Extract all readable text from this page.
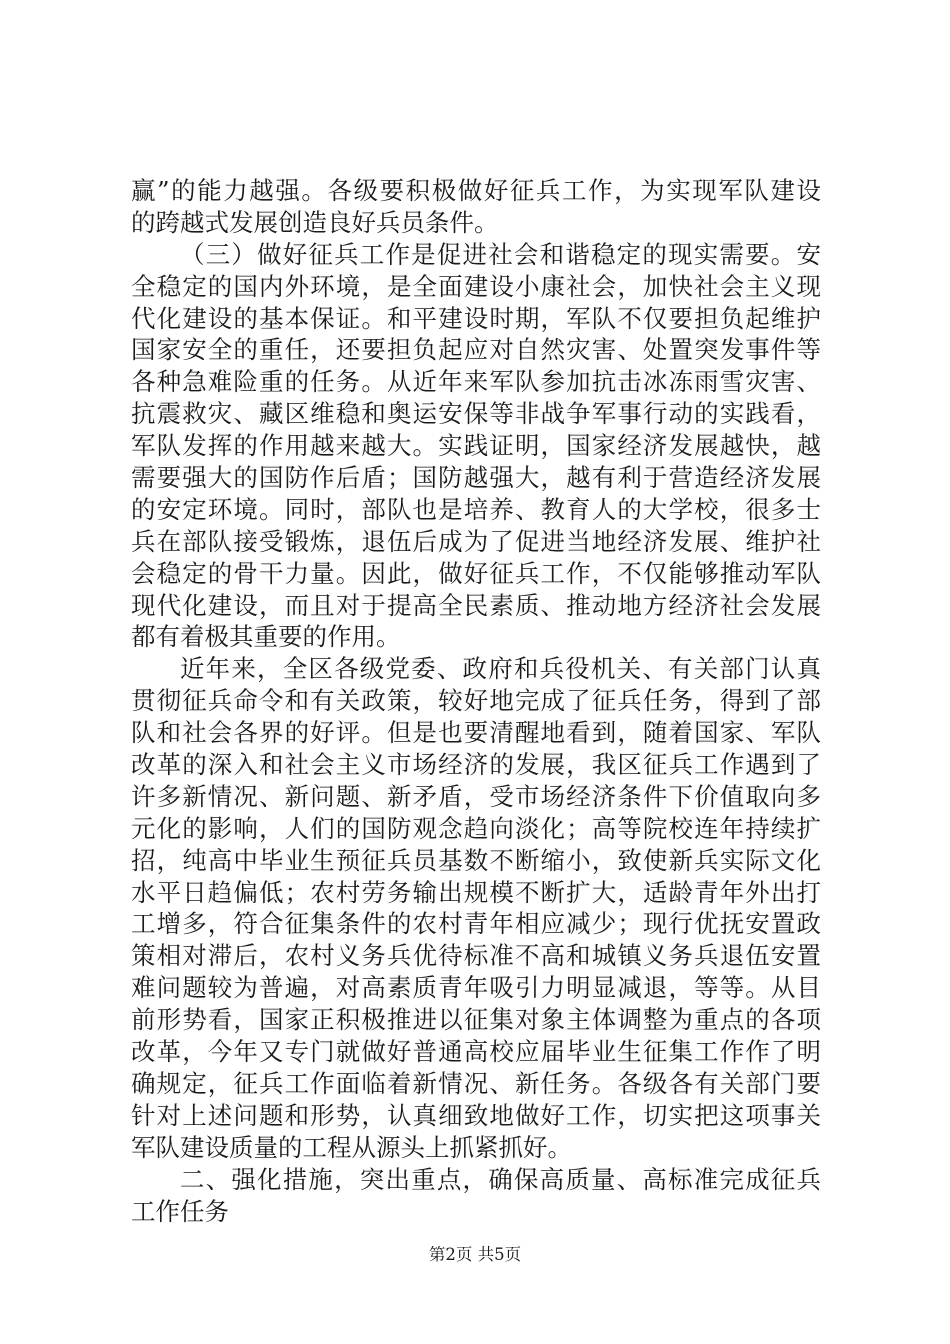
赢”的能力越强。各级要积极做好征兵工作，为实现军队建设
的跨越式发展创造良好兵员条件。
（三）做好征兵工作是促进社会和谐稳定的现实需要。安
全稳定的国内外环境，是全面建设小康社会，加快社会主义现
代化建设的基本保证。和平建设时期，军队不仅要担负起维护
国家安全的重任，还要担负起应对自然灾害、处置突发事件等
各种急难险重的任务。从近年来军队参加抗击冰冻雨雪灾害、
抗震救灾、藏区维稳和奥运安保等非战争军事行动的实践看，
军队发挥的作用越来越大。实践证明，国家经济发展越快，越
需要强大的国防作后盾；国防越强大，越有利于营造经济发展
的安定环境。同时，部队也是培养、教育人的大学校，很多士
兵在部队接受锻炼，退伍后成为了促进当地经济发展、维护社
会稳定的骨干力量。因此，做好征兵工作，不仅能够推动军队
现代化建设，而且对于提高全民素质、推动地方经济社会发展
都有着极其重要的作用。
近年来，全区各级党委、政府和兵役机关、有关部门认真
贯彻征兵命令和有关政策，较好地完成了征兵任务，得到了部
队和社会各界的好评。但是也要清醒地看到，随着国家、军队
改革的深入和社会主义市场经济的发展，我区征兵工作遇到了
许多新情况、新问题、新矛盾，受市场经济条件下价值取向多
元化的影响，人们的国防观念趋向淡化；高等院校连年持续扩
招，纯高中毕业生预征兵员基数不断缩小，致使新兵实际文化
水平日趋偏低；农村劳务输出规模不断扩大，适龄青年外出打
工增多，符合征集条件的农村青年相应减少；现行优抚安置政
策相对滞后，农村义务兵优待标准不高和城镇义务兵退伍安置
难问题较为普遍，对高素质青年吸引力明显减退，等等。从目
前形势看，国家正积极推进以征集对象主体调整为重点的各项
改革，今年又专门就做好普通高校应届毕业生征集工作作了明
确规定，征兵工作面临着新情况、新任务。各级各有关部门要
针对上述问题和形势，认真细致地做好工作，切实把这项事关
军队建设质量的工程从源头上抓紧抓好。
二、强化措施，突出重点，确保高质量、高标准完成征兵
工作任务
第2页 共5页
